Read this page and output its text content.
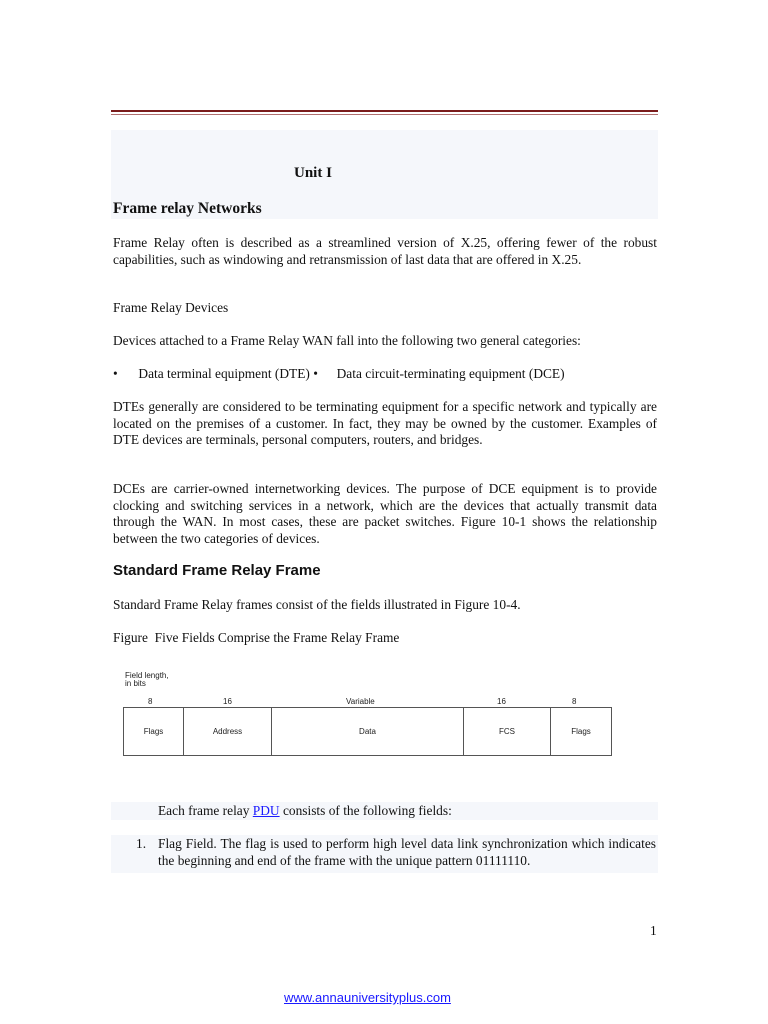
Unit I
Frame relay Networks
Frame Relay often is described as a streamlined version of X.25, offering fewer of the robust capabilities, such as windowing and retransmission of last data that are offered in X.25.
Frame Relay Devices
Devices attached to a Frame Relay WAN fall into the following two general categories:
• Data terminal equipment (DTE) • Data circuit-terminating equipment (DCE)
DTEs generally are considered to be terminating equipment for a specific network and typically are located on the premises of a customer. In fact, they may be owned by the customer. Examples of DTE devices are terminals, personal computers, routers, and bridges.
DCEs are carrier-owned internetworking devices. The purpose of DCE equipment is to provide clocking and switching services in a network, which are the devices that actually transmit data through the WAN. In most cases, these are packet switches. Figure 10-1 shows the relationship between the two categories of devices.
Standard Frame Relay Frame
Standard Frame Relay frames consist of the fields illustrated in Figure 10-4.
Figure  Five Fields Comprise the Frame Relay Frame
Field length,
in bits
8	16	Variable	16	8
Flags	Address	Data	FCS	Flags
Each frame relay PDU consists of the following fields:
1. Flag Field. The flag is used to perform high level data link synchronization which indicates the beginning and end of the frame with the unique pattern 01111110.
1
www.annauniversityplus.com
